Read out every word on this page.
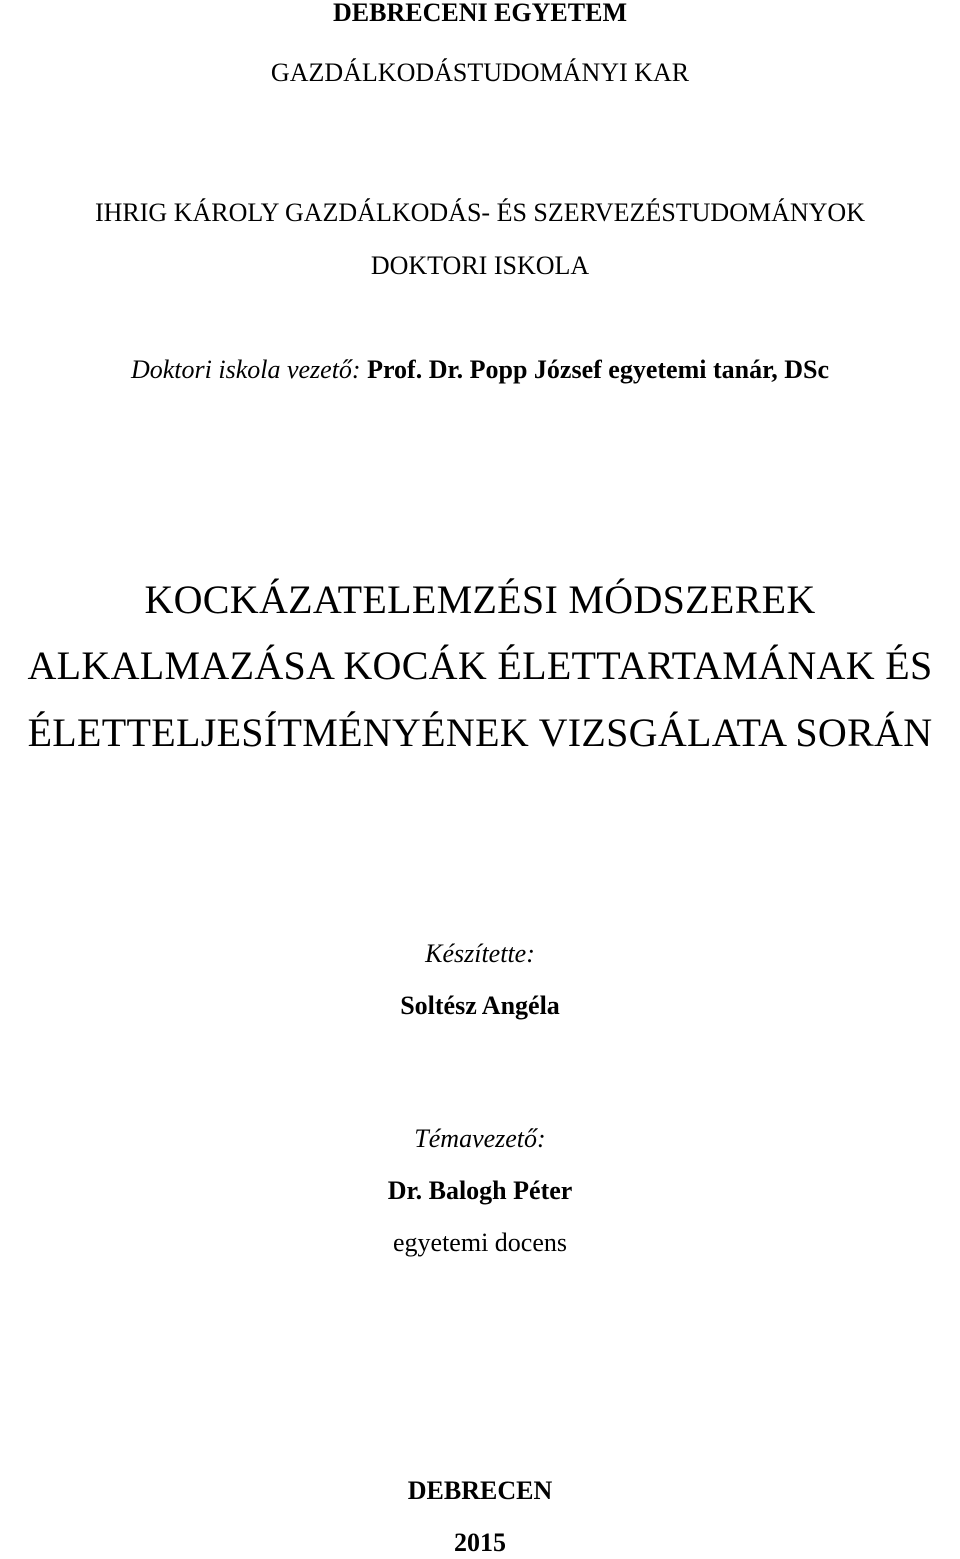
DEBRECENI EGYETEM
GAZDÁLKODÁSTUDOMÁNYI KAR
IHRIG KÁROLY GAZDÁLKODÁS- ÉS SZERVEZÉSTUDOMÁNYOK
DOKTORI ISKOLA
Doktori iskola vezető: Prof. Dr. Popp József egyetemi tanár, DSc
KOCKÁZATELEMZÉSI MÓDSZEREK
ALKALMAZÁSA KOCÁK ÉLETTARTAMÁNAK ÉS
ÉLETTELJESÍTMÉNYÉNEK VIZSGÁLATA SORÁN
Készítette:
Soltész Angéla
Témavezető:
Dr. Balogh Péter
egyetemi docens
DEBRECEN
2015
